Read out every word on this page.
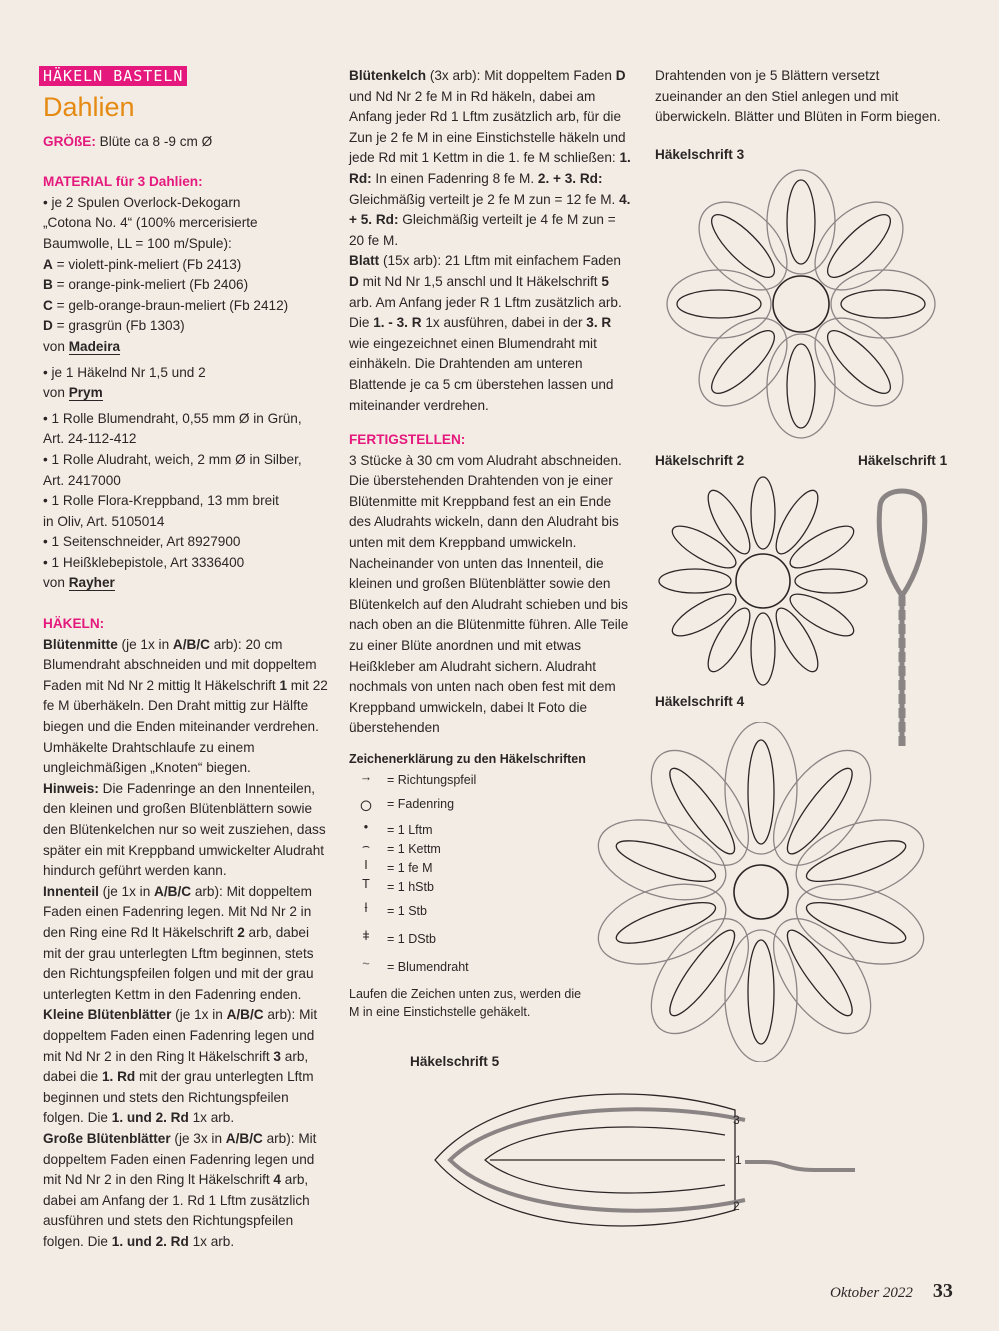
HÄKELN BASTELN
Dahlien

GRÖßE: Blüte ca 8 -9 cm Ø

MATERIAL für 3 Dahlien:

• je 2 Spulen Overlock-Dekogarn

„Cotona No. 4“ (100% mercerisierte

Baumwolle, LL = 100 m/Spule):

A = violett-pink-meliert (Fb 2413)

B = orange-pink-meliert (Fb 2406)

C = gelb-orange-braun-meliert (Fb 2412)

D = grasgrün (Fb 1303)

von Madeira

• je 1 Häkelnd Nr 1,5 und 2

von Prym

• 1 Rolle Blumendraht, 0,55 mm Ø in Grün,

Art. 24-112-412

• 1 Rolle Aludraht, weich, 2 mm Ø in Silber,

Art. 2417000

• 1 Rolle Flora-Kreppband, 13 mm breit

in Oliv, Art. 5105014

• 1 Seitenschneider, Art 8927900

• 1 Heißklebepistole, Art 3336400

von Rayher

HÄKELN:

Blütenmitte (je 1x in A/B/C arb): 20 cm Blumendraht abschneiden und mit doppeltem Faden mit Nd Nr 2 mittig lt Häkelschrift 1 mit 22 fe M überhäkeln. Den Draht mittig zur Hälfte biegen und die Enden miteinander verdrehen. Umhäkelte Drahtschlaufe zu einem ungleichmäßigen „Knoten“ biegen.

Hinweis: Die Fadenringe an den Innenteilen, den kleinen und großen Blütenblättern sowie den Blütenkelchen nur so weit zusziehen, dass später ein mit Kreppband umwickelter Aludraht hindurch geführt werden kann.

Innenteil (je 1x in A/B/C arb): Mit doppeltem Faden einen Fadenring legen. Mit Nd Nr 2 in den Ring eine Rd lt Häkelschrift 2 arb, dabei mit der grau unterlegten Lftm beginnen, stets den Richtungspfeilen folgen und mit der grau unterlegten Kettm in den Fadenring enden.

Kleine Blütenblätter (je 1x in A/B/C arb): Mit doppeltem Faden einen Fadenring legen und mit Nd Nr 2 in den Ring lt Häkelschrift 3 arb, dabei die 1. Rd mit der grau unterlegten Lftm beginnen und stets den Richtungspfeilen folgen. Die 1. und 2. Rd 1x arb.

Große Blütenblätter (je 3x in A/B/C arb): Mit doppeltem Faden einen Fadenring legen und mit Nd Nr 2 in den Ring lt Häkelschrift 4 arb, dabei am Anfang der 1. Rd 1 Lftm zusätzlich ausführen und stets den Richtungspfeilen folgen. Die 1. und 2. Rd 1x arb.

Blütenkelch (3x arb): Mit doppeltem Faden D und Nd Nr 2 fe M in Rd häkeln, dabei am Anfang jeder Rd 1 Lftm zusätzlich arb, für die Zun je 2 fe M in eine Einstichstelle häkeln und jede Rd mit 1 Kettm in die 1. fe M schließen: 1. Rd: In einen Fadenring 8 fe M. 2. + 3. Rd: Gleichmäßig verteilt je 2 fe M zun = 12 fe M. 4. + 5. Rd: Gleichmäßig verteilt je 4 fe M zun = 20 fe M.

Blatt (15x arb): 21 Lftm mit einfachem Faden D mit Nd Nr 1,5 anschl und lt Häkelschrift 5 arb. Am Anfang jeder R 1 Lftm zusätzlich arb. Die 1. - 3. R 1x ausführen, dabei in der 3. R wie eingezeichnet einen Blumendraht mit einhäkeln. Die Drahtenden am unteren Blattende je ca 5 cm überstehen lassen und miteinander verdrehen.

FERTIGSTELLEN:

3 Stücke à 30 cm vom Aludraht abschneiden. Die überstehenden Drahtenden von je einer Blütenmitte mit Kreppband fest an ein Ende des Aludrahts wickeln, dann den Aludraht bis unten mit dem Kreppband umwickeln. Nacheinander von unten das Innenteil, die kleinen und großen Blütenblätter sowie den Blütenkelch auf den Aludraht schieben und bis nach oben an die Blütenmitte führen. Alle Teile zu einer Blüte anordnen und mit etwas Heißkleber am Aludraht sichern. Aludraht nochmals von unten nach oben fest mit dem Kreppband umwickeln, dabei lt Foto die überstehenden

Drahtenden von je 5 Blättern versetzt zueinander an den Stiel anlegen und mit überwickeln. Blätter und Blüten in Form biegen.

Häkelschrift 3
Häkelschrift 2	Häkelschrift 1
Häkelschrift 4
Häkelschrift 5
3
1
2
Zeichenerklärung zu den Häkelschriften
→	= Richtungspfeil
○	= Fadenring
•	= 1 Lftm
⌢	= 1 Kettm
I	= 1 fe M
T	= 1 hStb
ƚ	= 1 Stb
ǂ	= 1 DStb
~	= Blumendraht
Laufen die Zeichen unten zus, werden die M in eine Einstichstelle gehäkelt.
Oktober 2022 33
